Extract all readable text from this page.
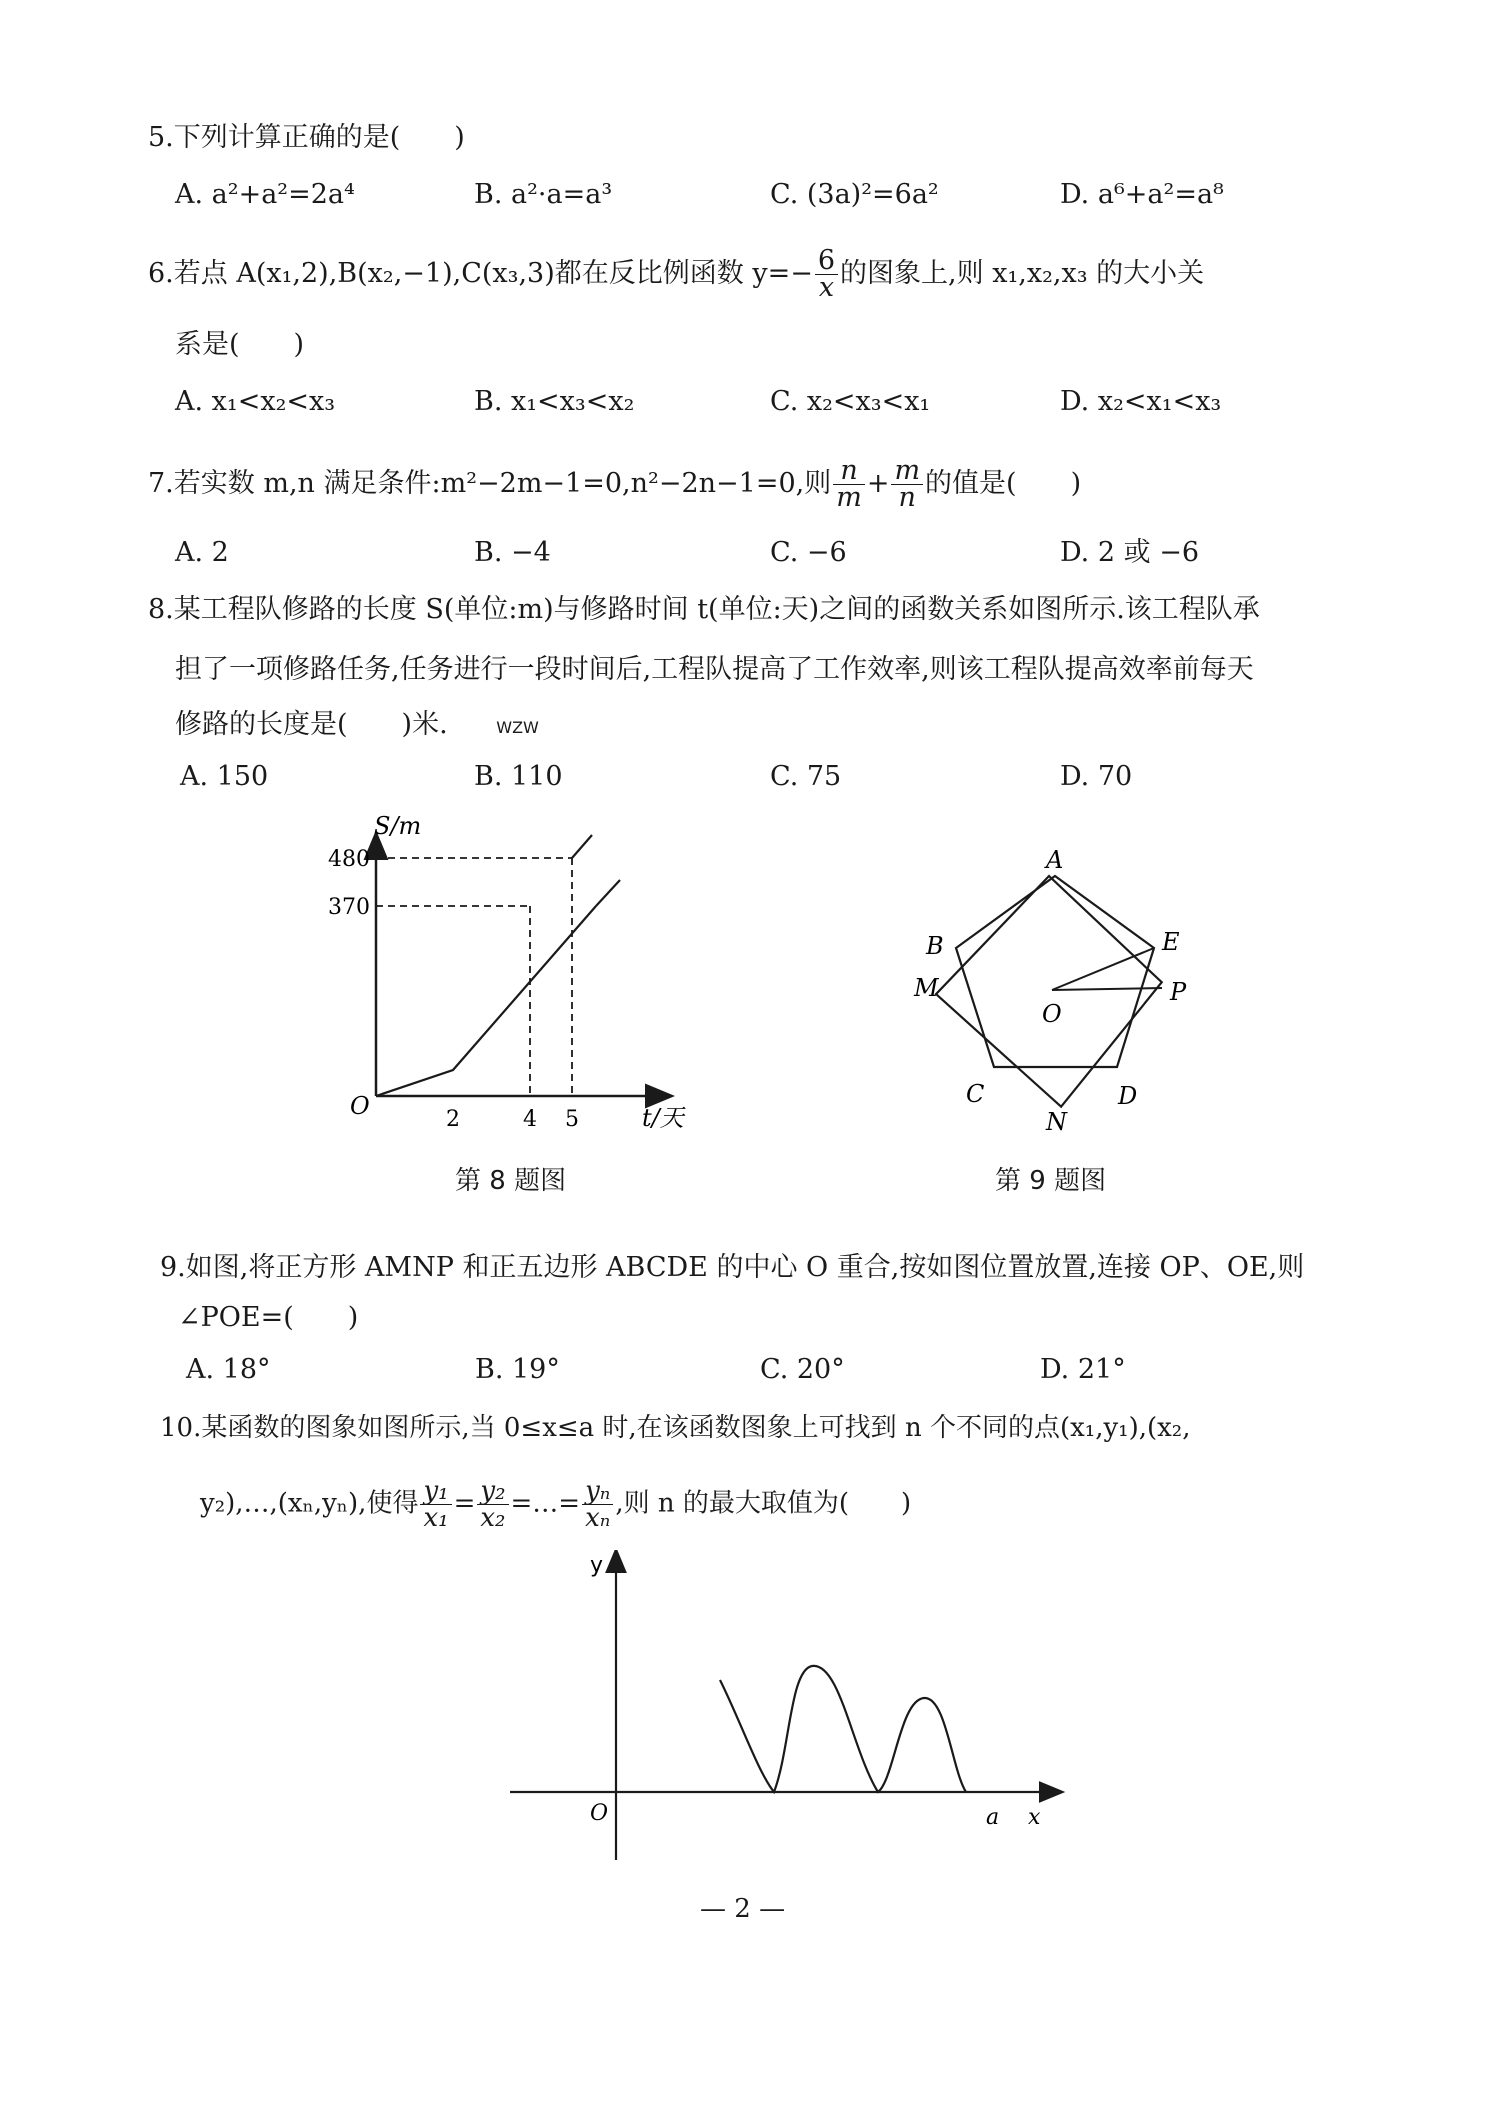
5.下列计算正确的是(　　)
A. a²+a²=2a⁴	B. a²·a=a³	C. (3a)²=6a²	D. a⁶+a²=a⁸
6.若点 A(x₁,2),B(x₂,−1),C(x₃,3)都在反比例函数 $y=- \frac{6}{x}$ 的图象上,则 x₁,x₂,x₃ 的大小关
系是(　　)
A. x₁<x₂<x₃	B. x₁<x₃<x₂	C. x₂<x₃<x₁	D. x₂<x₁<x₃
7.若实数 m,n 满足条件:m²−2m−1=0,n²−2n−1=0,则 $\frac{n}{m} + \frac{m}{n}$ 的值是(　　)
A. 2	B. −4	C. −6	D. 2 或 −6
8.某工程队修路的长度 S(单位:m)与修路时间 t(单位:天)之间的函数关系如图所示.该工程队承
担了一项修路任务,任务进行一段时间后,工程队提高了工作效率,则该工程队提高效率前每天
修路的长度是(　　)米.	WZW
A. 150	B. 110	C. 75	D. 70
S/m
t/天
O	2	4 5
480
370
第 8 题图
A
B
M
E
P
O
C
N
D
第 9 题图
9.如图,将正方形 AMNP 和正五边形 ABCDE 的中心 O 重合,按如图位置放置,连接 OP、OE,则
∠POE=(　　)
A. 18°	B. 19°	C. 20°	D. 21°
10.某函数的图象如图所示,当 0≤x≤a 时,在该函数图象上可找到 n 个不同的点(x₁,y₁),(x₂,
y₂),…,(xₙ,yₙ),使得 $\frac{\text{y₁}}{\text{x₁}} = \frac{\text{y₂}}{\text{x₂}}$ =…= $\frac{\text{yₙ}}{\text{xₙ}}$ ,则 n 的最大取值为(　　)
y
x
O	a
— 2 —
